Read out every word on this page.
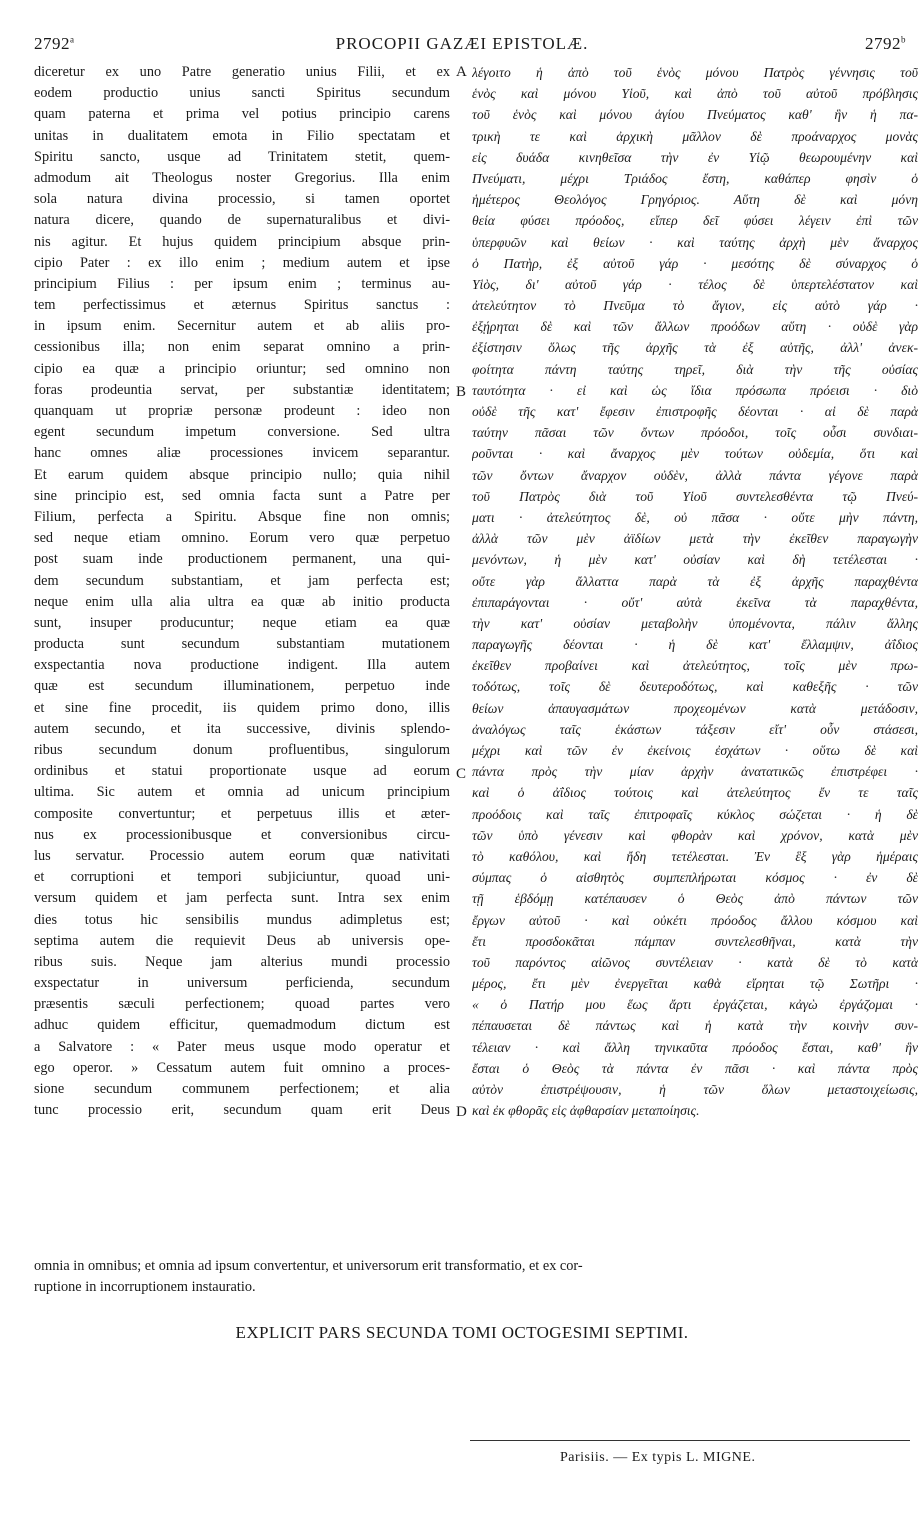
2792$^a$	PROCOPII GAZÆI EPISTOLÆ.	2792$^b$
diceretur ex uno Patre generatio unius Filii, et ex
eodem productio unius sancti Spiritus secundum
quam paterna et prima vel potius principio carens
unitas in dualitatem emota in Filio spectatam et
Spiritu sancto, usque ad Trinitatem stetit, quem-
admodum ait Theologus noster Gregorius. Illa enim
sola natura divina processio, si tamen oportet
natura dicere, quando de supernaturalibus et divi-
nis agitur. Et hujus quidem principium absque prin-
cipio Pater : ex illo enim ; medium autem et ipse
principium Filius : per ipsum enim ; terminus au-
tem perfectissimus et æternus Spiritus sanctus :
in ipsum enim. Secernitur autem et ab aliis pro-
cessionibus illa; non enim separat omnino a prin-
cipio ea quæ a principio oriuntur; sed omnino non
foras prodeuntia servat, per substantiæ identitatem;
quanquam ut propriæ personæ prodeunt : ideo non
egent secundum impetum conversione. Sed ultra
hanc omnes aliæ processiones invicem separantur.
Et earum quidem absque principio nullo; quia nihil
sine principio est, sed omnia facta sunt a Patre per
Filium, perfecta a Spiritu. Absque fine non omnis;
sed neque etiam omnino. Eorum vero quæ perpetuo
post suam inde productionem permanent, una qui-
dem secundum substantiam, et jam perfecta est;
neque enim ulla alia ultra ea quæ ab initio producta
sunt, insuper producuntur; neque etiam ea quæ
producta sunt secundum substantiam mutationem
exspectantia nova productione indigent. Illa autem
quæ est secundum illuminationem, perpetuo inde
et sine fine procedit, iis quidem primo dono, illis
autem secundo, et ita successive, divinis splendo-
ribus secundum donum profluentibus, singulorum
ordinibus et statui proportionate usque ad eorum
ultima. Sic autem et omnia ad unicum principium
composite convertuntur; et perpetuus illis et æter-
nus ex processionibusque et conversionibus circu-
lus servatur. Processio autem eorum quæ nativitati
et corruptioni et tempori subjiciuntur, quoad uni-
versum quidem et jam perfecta sunt. Intra sex enim
dies totus hic sensibilis mundus adimpletus est;
septima autem die requievit Deus ab universis ope-
ribus suis. Neque jam alterius mundi processio
exspectatur in universum perficienda, secundum
præsentis sæculi perfectionem; quoad partes vero
adhuc quidem efficitur, quemadmodum dictum est
a Salvatore : « Pater meus usque modo operatur et
ego operor. » Cessatum autem fuit omnino a proces-
sione secundum communem perfectionem; et alia
tunc processio erit, secundum quam erit Deus
λέγοιτο ἡ ἀπὸ τοῦ ἑνὸς μόνου Πατρὸς γέννησις τοῦ
ἑνὸς καὶ μόνου Υἱοῦ, καὶ ἀπὸ τοῦ αὐτοῦ πρόβλησις
τοῦ ἑνὸς καὶ μόνου ἁγίου Πνεύματος καθ' ἣν ἡ πα-
τρικὴ τε καὶ ἀρχικὴ μᾶλλον δὲ προάναρχος μονὰς
εἰς δυάδα κινηθεῖσα τὴν ἐν Υἱῷ θεωρουμένην καὶ
Πνεύματι, μέχρι Τριάδος ἔστη, καθάπερ φησὶν ὁ
ἡμέτερος Θεολόγος Γρηγόριος. Αὕτη δὲ καὶ μόνη
θεία φύσει πρόοδος, εἴπερ δεῖ φύσει λέγειν ἐπὶ τῶν
ὑπερφυῶν καὶ θείων · καὶ ταύτης ἀρχὴ μὲν ἄναρχος
ὁ Πατὴρ, ἐξ αὐτοῦ γάρ · μεσότης δὲ σύναρχος ὁ
Υἱὸς, δι' αὐτοῦ γάρ · τέλος δὲ ὑπερτελέστατον καὶ
ἀτελεύτητον τὸ Πνεῦμα τὸ ἅγιον, εἰς αὐτὸ γάρ ·
ἐξῄρηται δὲ καὶ τῶν ἄλλων προόδων αὕτη · οὐδὲ γὰρ
ἐξίστησιν ὅλως τῆς ἀρχῆς τὰ ἐξ αὐτῆς, ἀλλ' ἀνεκ-
φοίτητα πάντη ταύτης τηρεῖ, διὰ τὴν τῆς οὐσίας
ταυτότητα · εἰ καὶ ὡς ἴδια πρόσωπα πρόεισι · διὸ
οὐδὲ τῆς κατ' ἔφεσιν ἐπιστροφῆς δέονται · αἱ δὲ παρὰ
ταύτην πᾶσαι τῶν ὄντων πρόοδοι, τοῖς οὖσι συνδιαι-
ροῦνται · καὶ ἄναρχος μὲν τούτων οὐδεμία, ὅτι καὶ
τῶν ὄντων ἄναρχον οὐδὲν, ἀλλὰ πάντα γέγονε παρὰ
τοῦ Πατρὸς διὰ τοῦ Υἱοῦ συντελεσθέντα τῷ Πνεύ-
ματι · ἀτελεύτητος δὲ, οὐ πᾶσα · οὔτε μὴν πάντη,
ἀλλὰ τῶν μὲν ἀϊδίων μετὰ τὴν ἐκεῖθεν παραγωγὴν
μενόντων, ἡ μὲν κατ' οὐσίαν καὶ δὴ τετέλεσται ·
οὔτε γὰρ ἄλλαττα παρὰ τὰ ἐξ ἀρχῆς παραχθέντα
ἐπιπαράγονται · οὔτ' αὐτὰ ἐκεῖνα τὰ παραχθέντα,
τὴν κατ' οὐσίαν μεταβολὴν ὑπομένοντα, πάλιν ἄλλης
παραγωγῆς δέονται · ἡ δὲ κατ' ἔλλαμψιν, ἀΐδιος
ἐκεῖθεν προβαίνει καὶ ἀτελεύτητος, τοῖς μὲν πρω-
τοδότως, τοῖς δὲ δευτεροδότως, καὶ καθεξῆς · τῶν
θείων ἀπαυγασμάτων προχεομένων κατὰ μετάδοσιν,
ἀναλόγως ταῖς ἑκάστων τάξεσιν εἴτ' οὖν στάσεσι,
μέχρι καὶ τῶν ἐν ἐκείνοις ἐσχάτων · οὕτω δὲ καὶ
πάντα πρὸς τὴν μίαν ἀρχὴν ἀνατατικῶς ἐπιστρέφει ·
καὶ ὁ ἀΐδιος τούτοις καὶ ἀτελεύτητος ἔν τε ταῖς
προόδοις καὶ ταῖς ἐπιτροφαῖς κύκλος σώζεται · ἡ δὲ
τῶν ὑπὸ γένεσιν καὶ φθορὰν καὶ χρόνον, κατὰ μὲν
τὸ καθόλου, καὶ ἤδη τετέλεσται. Ἐν ἓξ γὰρ ἡμέραις
σύμπας ὁ αἰσθητὸς συμπεπλήρωται κόσμος · ἐν δὲ
τῇ ἑβδόμῃ κατέπαυσεν ὁ Θεὸς ἀπὸ πάντων τῶν
ἔργων αὐτοῦ · καὶ οὐκέτι πρόοδος ἄλλου κόσμου καὶ
ἔτι προσδοκᾶται πάμπαν συντελεσθῆναι, κατὰ τὴν
τοῦ παρόντος αἰῶνος συντέλειαν · κατὰ δὲ τὸ κατὰ
μέρος, ἔτι μὲν ἐνεργεῖται καθὰ εἴρηται τῷ Σωτῆρι ·
« ὁ Πατήρ μου ἕως ἄρτι ἐργάζεται, κἀγὼ ἐργάζομαι ·
πέπαυσεται δὲ πάντως καὶ ἡ κατὰ τὴν κοινὴν συν-
τέλειαν · καὶ ἄλλη τηνικαῦτα πρόοδος ἔσται, καθ' ἣν
ἔσται ὁ Θεὸς τὰ πάντα ἐν πᾶσι · καὶ πάντα πρὸς
αὐτὸν ἐπιστρέψουσιν, ἡ τῶν ὅλων μεταστοιχείωσις,
καὶ ἐκ φθορᾶς εἰς ἀφθαρσίαν μεταποίησις.
A
B
C
D
omnia in omnibus; et omnia ad ipsum convertentur, et universorum erit transformatio, et ex cor-
ruptione in incorruptionem instauratio.
EXPLICIT PARS SECUNDA TOMI OCTOGESIMI SEPTIMI.
Parisiis. — Ex typis L. MIGNE.
